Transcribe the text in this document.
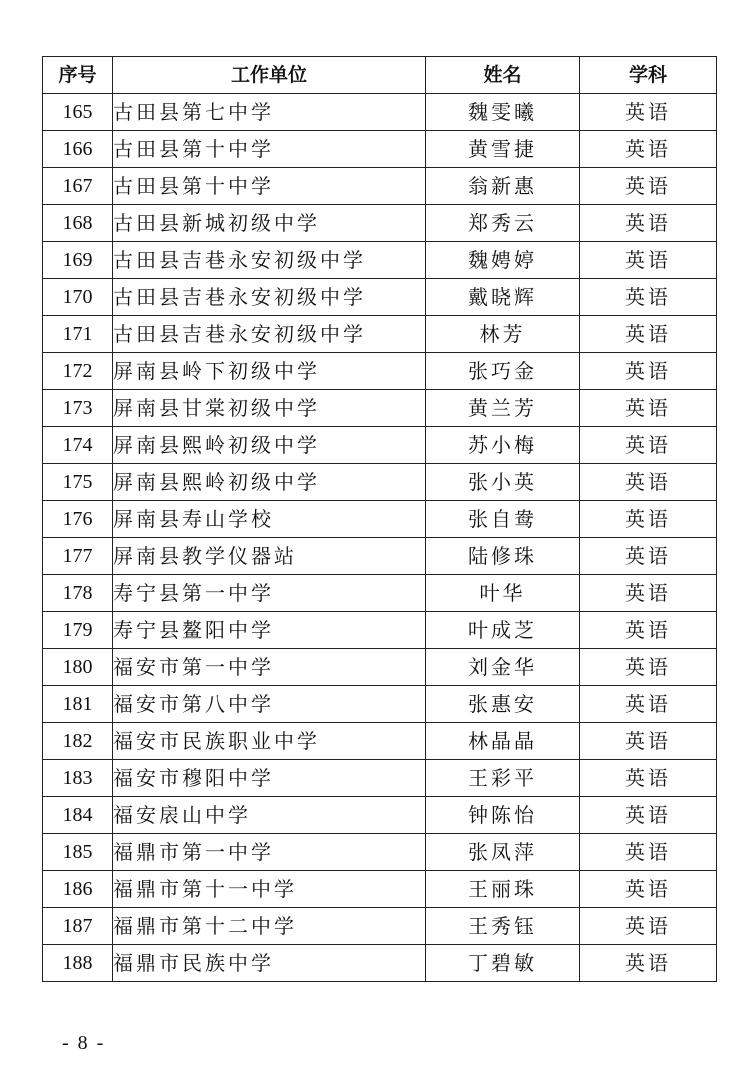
序号	工作单位	姓名	学科
165	古田县第七中学	魏雯曦	英语
166	古田县第十中学	黄雪捷	英语
167	古田县第十中学	翁新惠	英语
168	古田县新城初级中学	郑秀云	英语
169	古田县吉巷永安初级中学	魏娉婷	英语
170	古田县吉巷永安初级中学	戴晓辉	英语
171	古田县吉巷永安初级中学	林芳	英语
172	屏南县岭下初级中学	张巧金	英语
173	屏南县甘棠初级中学	黄兰芳	英语
174	屏南县熙岭初级中学	苏小梅	英语
175	屏南县熙岭初级中学	张小英	英语
176	屏南县寿山学校	张自鸯	英语
177	屏南县教学仪器站	陆修珠	英语
178	寿宁县第一中学	叶华	英语
179	寿宁县鳌阳中学	叶成芝	英语
180	福安市第一中学	刘金华	英语
181	福安市第八中学	张惠安	英语
182	福安市民族职业中学	林晶晶	英语
183	福安市穆阳中学	王彩平	英语
184	福安扆山中学	钟陈怡	英语
185	福鼎市第一中学	张凤萍	英语
186	福鼎市第十一中学	王丽珠	英语
187	福鼎市第十二中学	王秀钰	英语
188	福鼎市民族中学	丁碧敏	英语
- 8 -
